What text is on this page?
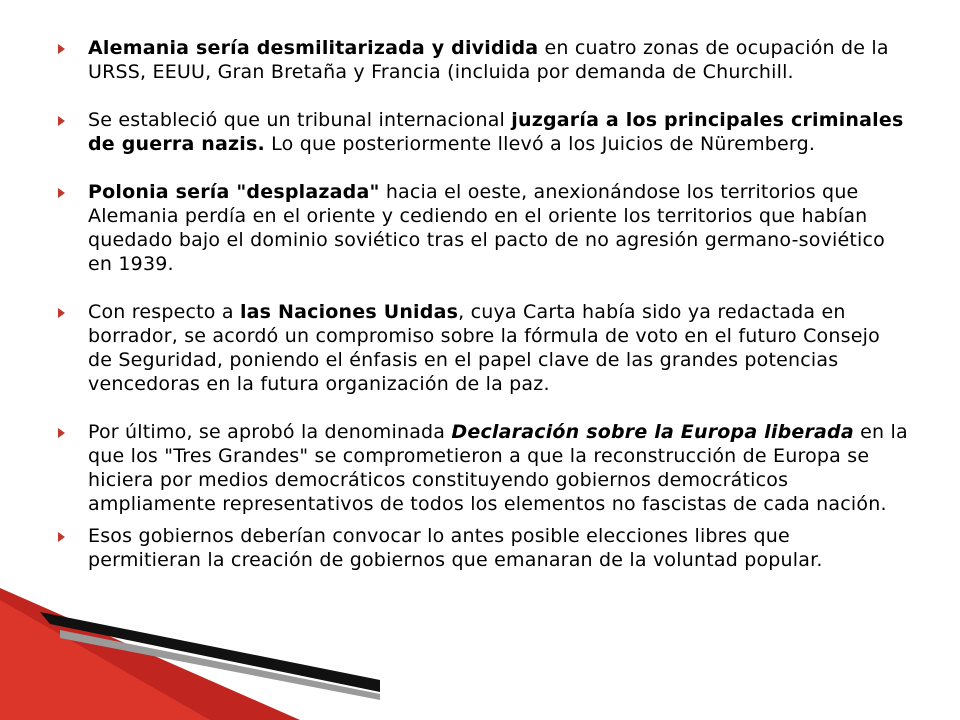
Alemania sería desmilitarizada y dividida en cuatro zonas de ocupación de la URSS, EEUU, Gran Bretaña y Francia (incluida por demanda de Churchill.
Se estableció que un tribunal internacional juzgaría a los principales criminales de guerra nazis. Lo que posteriormente llevó a los Juicios de Nüremberg.
Polonia sería "desplazada" hacia el oeste, anexionándose los territorios que Alemania perdía en el oriente y cediendo en el oriente los territorios que habían quedado bajo el dominio soviético tras el pacto de no agresión germano-soviético en 1939.
Con respecto a las Naciones Unidas, cuya Carta había sido ya redactada en borrador, se acordó un compromiso sobre la fórmula de voto en el futuro Consejo de Seguridad, poniendo el énfasis en el papel clave de las grandes potencias vencedoras en la futura organización de la paz.
Por último, se aprobó la denominada Declaración sobre la Europa liberada en la que los "Tres Grandes" se comprometieron a que la reconstrucción de Europa se hiciera por medios democráticos constituyendo gobiernos democráticos ampliamente representativos de todos los elementos no fascistas de cada nación.
Esos gobiernos deberían convocar lo antes posible elecciones libres que permitieran la creación de gobiernos que emanaran de la voluntad popular.
